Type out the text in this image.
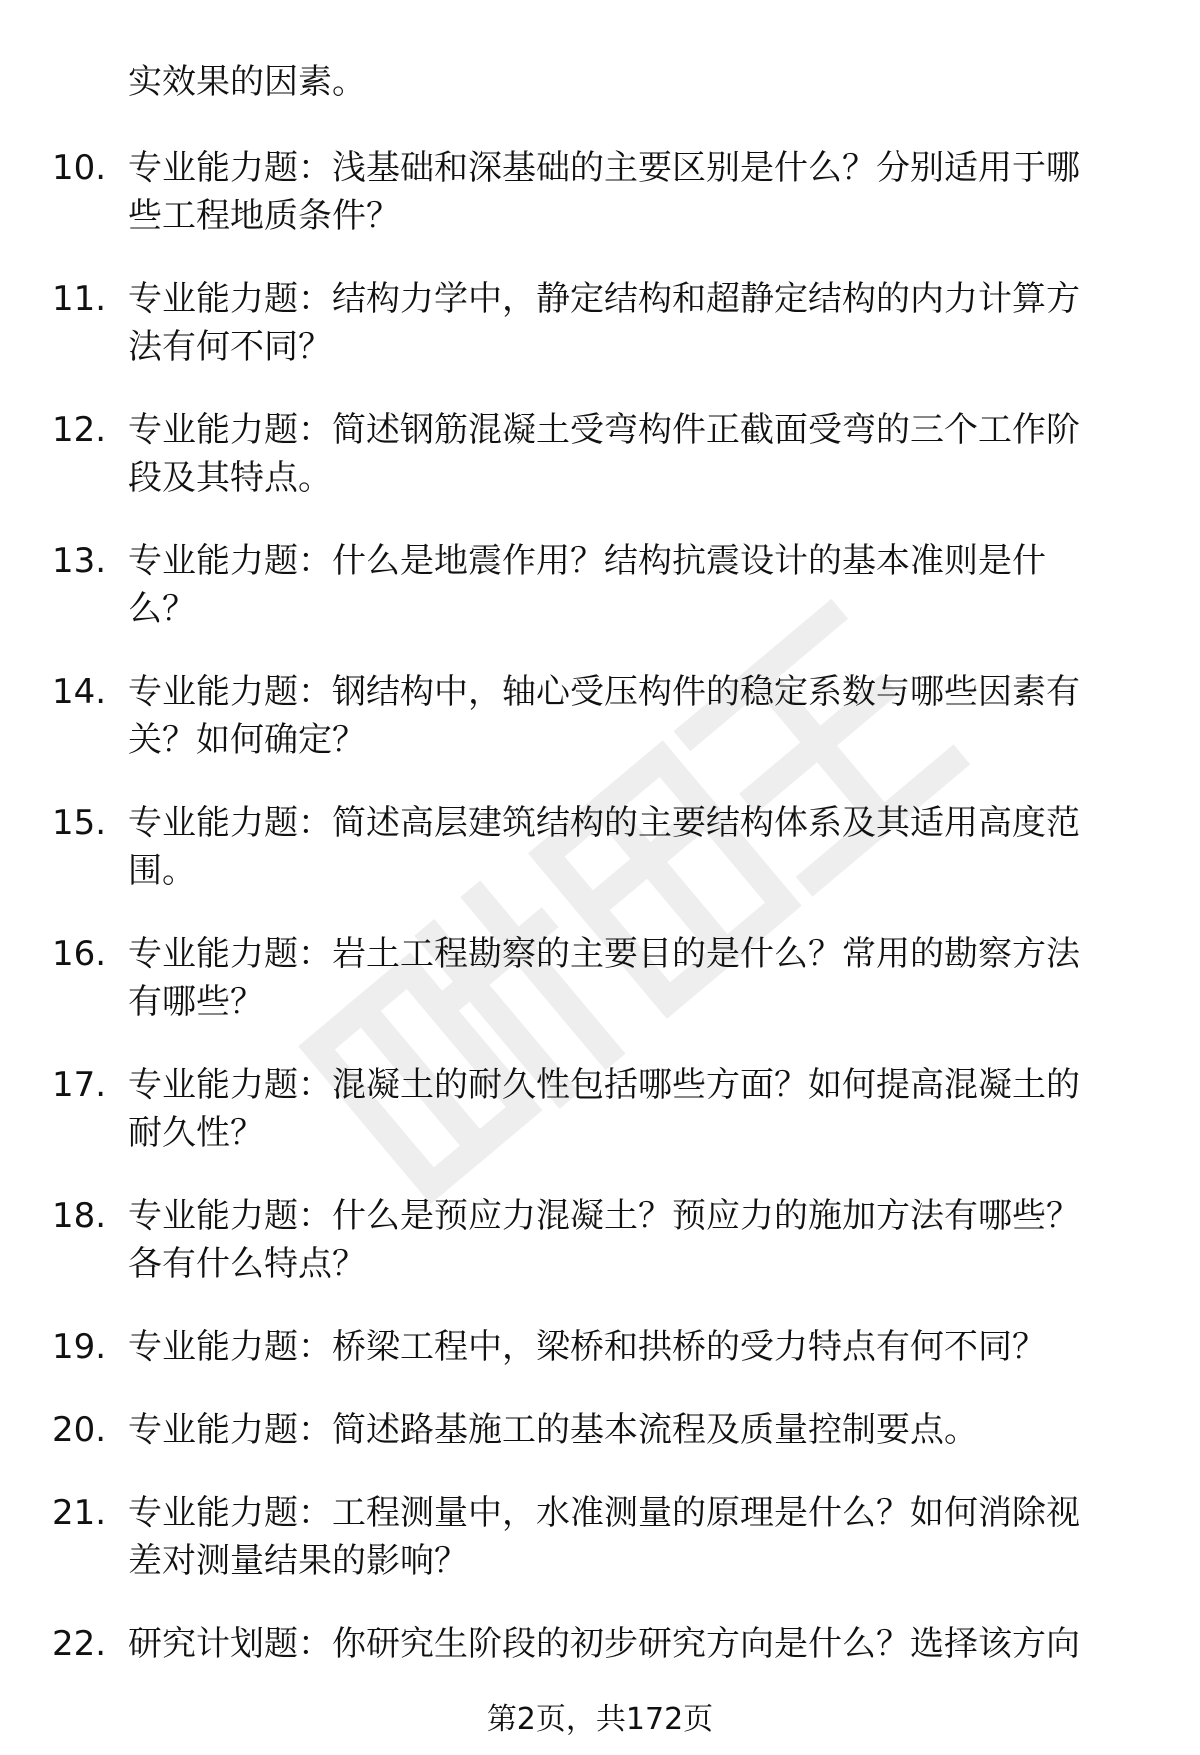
实效果的因素。
10. 专业能力题：浅基础和深基础的主要区别是什么？分别适用于哪
些工程地质条件？
11. 专业能力题：结构力学中，静定结构和超静定结构的内力计算方
法有何不同？
12. 专业能力题：简述钢筋混凝土受弯构件正截面受弯的三个工作阶
段及其特点。
13. 专业能力题：什么是地震作用？结构抗震设计的基本准则是什
么？
14. 专业能力题：钢结构中，轴心受压构件的稳定系数与哪些因素有
关？如何确定？
15. 专业能力题：简述高层建筑结构的主要结构体系及其适用高度范
围。
16. 专业能力题：岩土工程勘察的主要目的是什么？常用的勘察方法
有哪些？
17. 专业能力题：混凝土的耐久性包括哪些方面？如何提高混凝土的
耐久性？
18. 专业能力题：什么是预应力混凝土？预应力的施加方法有哪些？
各有什么特点？
19. 专业能力题：桥梁工程中，梁桥和拱桥的受力特点有何不同？
20. 专业能力题：简述路基施工的基本流程及质量控制要点。
21. 专业能力题：工程测量中，水准测量的原理是什么？如何消除视
差对测量结果的影响？
22. 研究计划题：你研究生阶段的初步研究方向是什么？选择该方向
第2页，共172页
